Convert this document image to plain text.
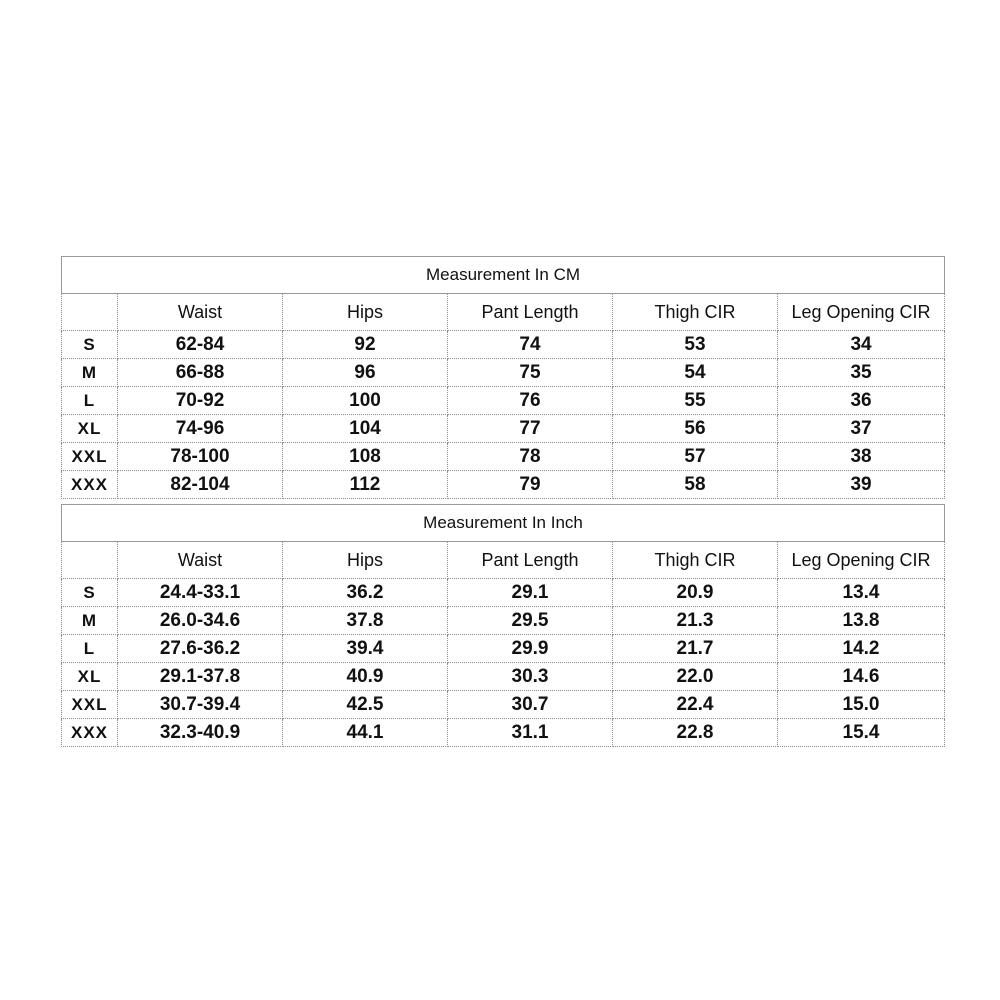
Measurement In CM					
	Waist	Hips	Pant Length	Thigh CIR	Leg Opening CIR
S	62-84	92	74	53	34
M	66-88	96	75	54	35
L	70-92	100	76	55	36
XL	74-96	104	77	56	37
XXL	78-100	108	78	57	38
XXX	82-104	112	79	58	39
Measurement In Inch					
	Waist	Hips	Pant Length	Thigh CIR	Leg Opening CIR
S	24.4-33.1	36.2	29.1	20.9	13.4
M	26.0-34.6	37.8	29.5	21.3	13.8
L	27.6-36.2	39.4	29.9	21.7	14.2
XL	29.1-37.8	40.9	30.3	22.0	14.6
XXL	30.7-39.4	42.5	30.7	22.4	15.0
XXX	32.3-40.9	44.1	31.1	22.8	15.4
